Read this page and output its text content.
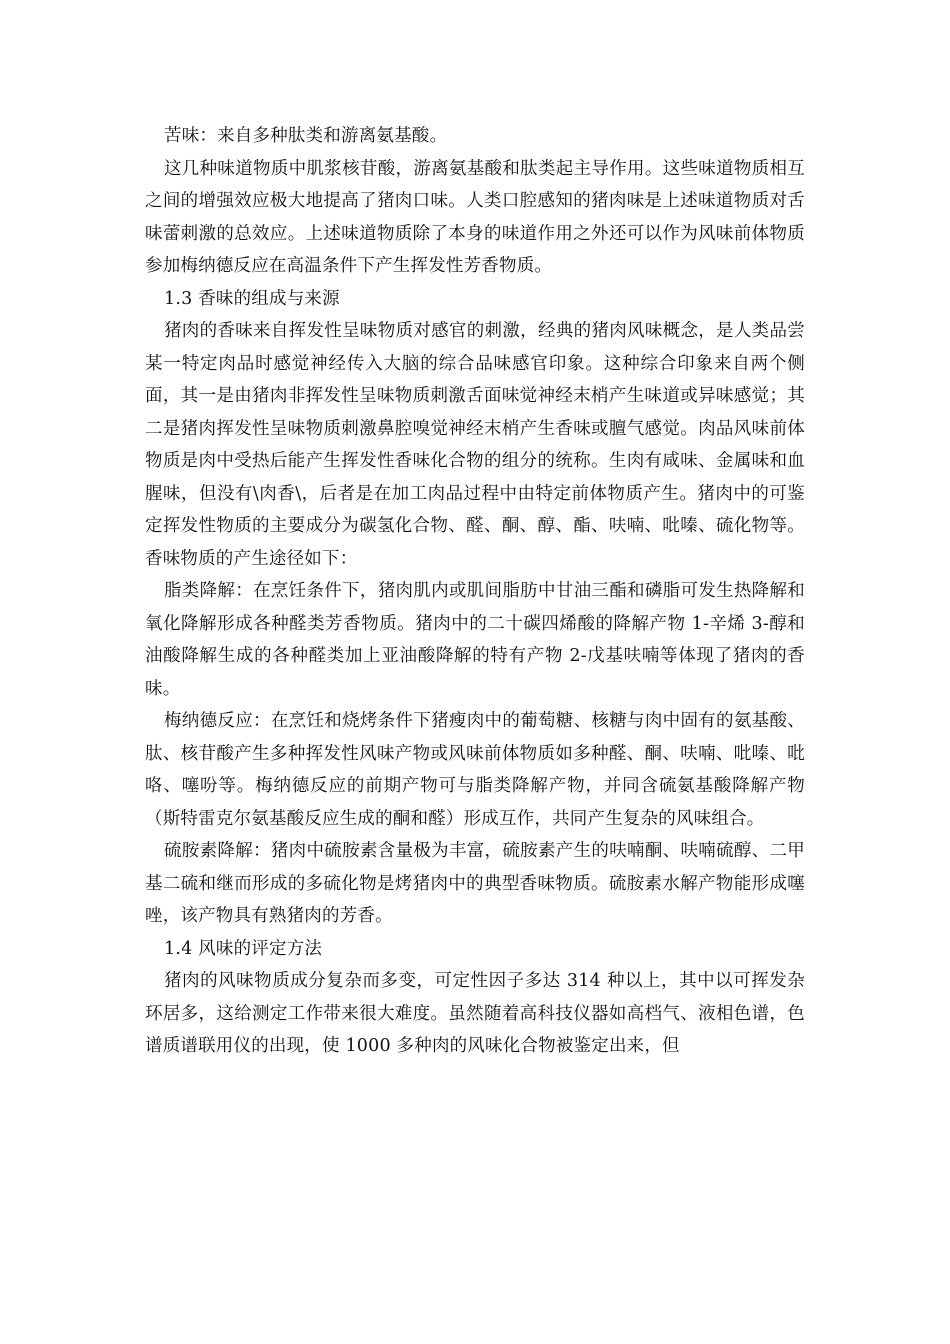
苦味：来自多种肽类和游离氨基酸。

这几种味道物质中肌浆核苷酸，游离氨基酸和肽类起主导作用。这些味道物质相互之间的增强效应极大地提高了猪肉口味。人类口腔感知的猪肉味是上述味道物质对舌味蕾刺激的总效应。上述味道物质除了本身的味道作用之外还可以作为风味前体物质参加梅纳德反应在高温条件下产生挥发性芳香物质。

1.3 香味的组成与来源

猪肉的香味来自挥发性呈味物质对感官的刺激，经典的猪肉风味概念，是人类品尝某一特定肉品时感觉神经传入大脑的综合品味感官印象。这种综合印象来自两个侧面，其一是由猪肉非挥发性呈味物质刺激舌面味觉神经末梢产生味道或异味感觉；其二是猪肉挥发性呈味物质刺激鼻腔嗅觉神经末梢产生香味或膻气感觉。肉品风味前体物质是肉中受热后能产生挥发性香味化合物的组分的统称。生肉有咸味、金属味和血腥味，但没有\肉香\，后者是在加工肉品过程中由特定前体物质产生。猪肉中的可鉴定挥发性物质的主要成分为碳氢化合物、醛、酮、醇、酯、呋喃、吡嗪、硫化物等。香味物质的产生途径如下：

脂类降解：在烹饪条件下，猪肉肌内或肌间脂肪中甘油三酯和磷脂可发生热降解和氧化降解形成各种醛类芳香物质。猪肉中的二十碳四烯酸的降解产物 1-辛烯 3-醇和油酸降解生成的各种醛类加上亚油酸降解的特有产物 2-戊基呋喃等体现了猪肉的香味。

梅纳德反应：在烹饪和烧烤条件下猪瘦肉中的葡萄糖、核糖与肉中固有的氨基酸、肽、核苷酸产生多种挥发性风味产物或风味前体物质如多种醛、酮、呋喃、吡嗪、吡咯、噻吩等。梅纳德反应的前期产物可与脂类降解产物，并同含硫氨基酸降解产物（斯特雷克尔氨基酸反应生成的酮和醛）形成互作，共同产生复杂的风味组合。

硫胺素降解：猪肉中硫胺素含量极为丰富，硫胺素产生的呋喃酮、呋喃硫醇、二甲基二硫和继而形成的多硫化物是烤猪肉中的典型香味物质。硫胺素水解产物能形成噻唑，该产物具有熟猪肉的芳香。

1.4 风味的评定方法

猪肉的风味物质成分复杂而多变，可定性因子多达 314 种以上，其中以可挥发杂环居多，这给测定工作带来很大难度。虽然随着高科技仪器如高档气、液相色谱，色谱质谱联用仪的出现，使 1000 多种肉的风味化合物被鉴定出来，但
